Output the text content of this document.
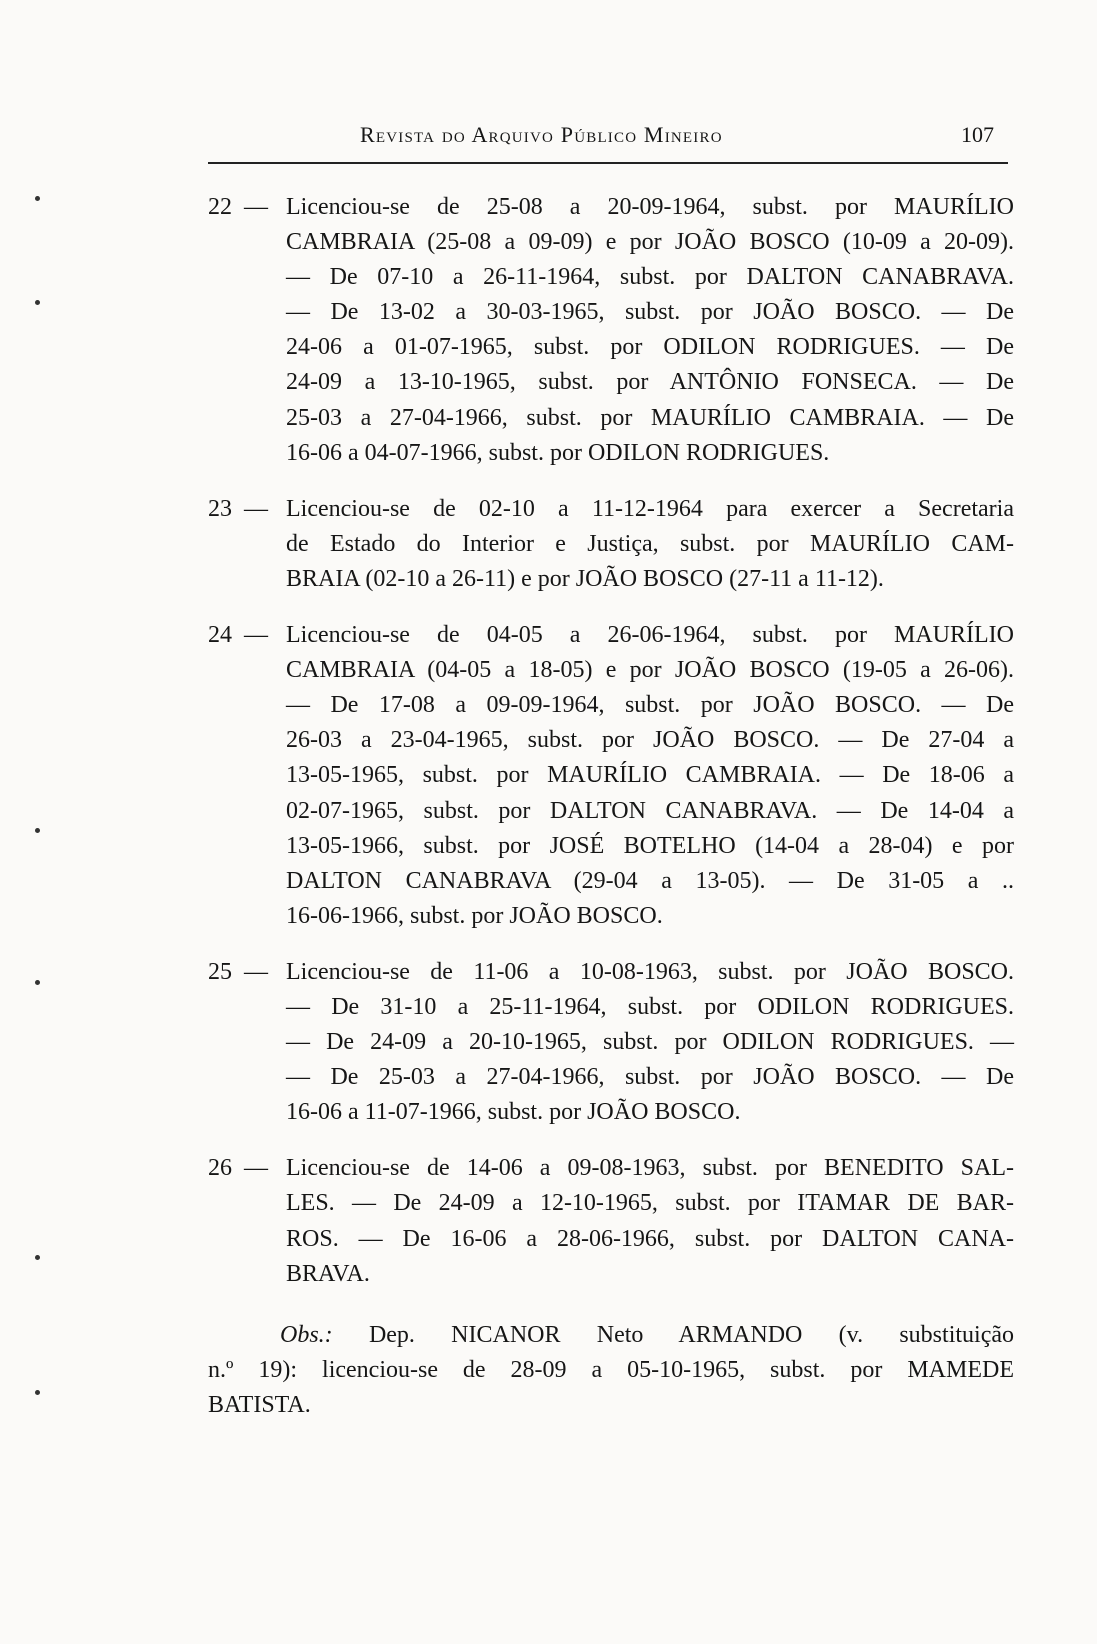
Revista do Arquivo Público Mineiro	107
22 — Licenciou-se de 25-08 a 20-09-1964, subst. por MAURÍLIO
CAMBRAIA (25-08 a 09-09) e por JOÃO BOSCO (10-09 a 20-09).
— De 07-10 a 26-11-1964, subst. por DALTON CANABRAVA.
— De 13-02 a 30-03-1965, subst. por JOÃO BOSCO. — De
24-06 a 01-07-1965, subst. por ODILON RODRIGUES. — De
24-09 a 13-10-1965, subst. por ANTÔNIO FONSECA. — De
25-03 a 27-04-1966, subst. por MAURÍLIO CAMBRAIA. — De
16-06 a 04-07-1966, subst. por ODILON RODRIGUES.
23 — Licenciou-se de 02-10 a 11-12-1964 para exercer a Secretaria
de Estado do Interior e Justiça, subst. por MAURÍLIO CAM-
BRAIA (02-10 a 26-11) e por JOÃO BOSCO (27-11 a 11-12).
24 — Licenciou-se de 04-05 a 26-06-1964, subst. por MAURÍLIO
CAMBRAIA (04-05 a 18-05) e por JOÃO BOSCO (19-05 a 26-06).
— De 17-08 a 09-09-1964, subst. por JOÃO BOSCO. — De
26-03 a 23-04-1965, subst. por JOÃO BOSCO. — De 27-04 a
13-05-1965, subst. por MAURÍLIO CAMBRAIA. — De 18-06 a
02-07-1965, subst. por DALTON CANABRAVA. — De 14-04 a
13-05-1966, subst. por JOSÉ BOTELHO (14-04 a 28-04) e por
DALTON CANABRAVA (29-04 a 13-05). — De 31-05 a ..
16-06-1966, subst. por JOÃO BOSCO.
25 — Licenciou-se de 11-06 a 10-08-1963, subst. por JOÃO BOSCO.
— De 31-10 a 25-11-1964, subst. por ODILON RODRIGUES.
— De 24-09 a 20-10-1965, subst. por ODILON RODRIGUES. —
— De 25-03 a 27-04-1966, subst. por JOÃO BOSCO. — De
16-06 a 11-07-1966, subst. por JOÃO BOSCO.
26 — Licenciou-se de 14-06 a 09-08-1963, subst. por BENEDITO SAL-
LES. — De 24-09 a 12-10-1965, subst. por ITAMAR DE BAR-
ROS. — De 16-06 a 28-06-1966, subst. por DALTON CANA-
BRAVA.
Obs.: Dep. NICANOR Neto ARMANDO (v. substituição
n.º 19): licenciou-se de 28-09 a 05-10-1965, subst. por MAMEDE
BATISTA.
